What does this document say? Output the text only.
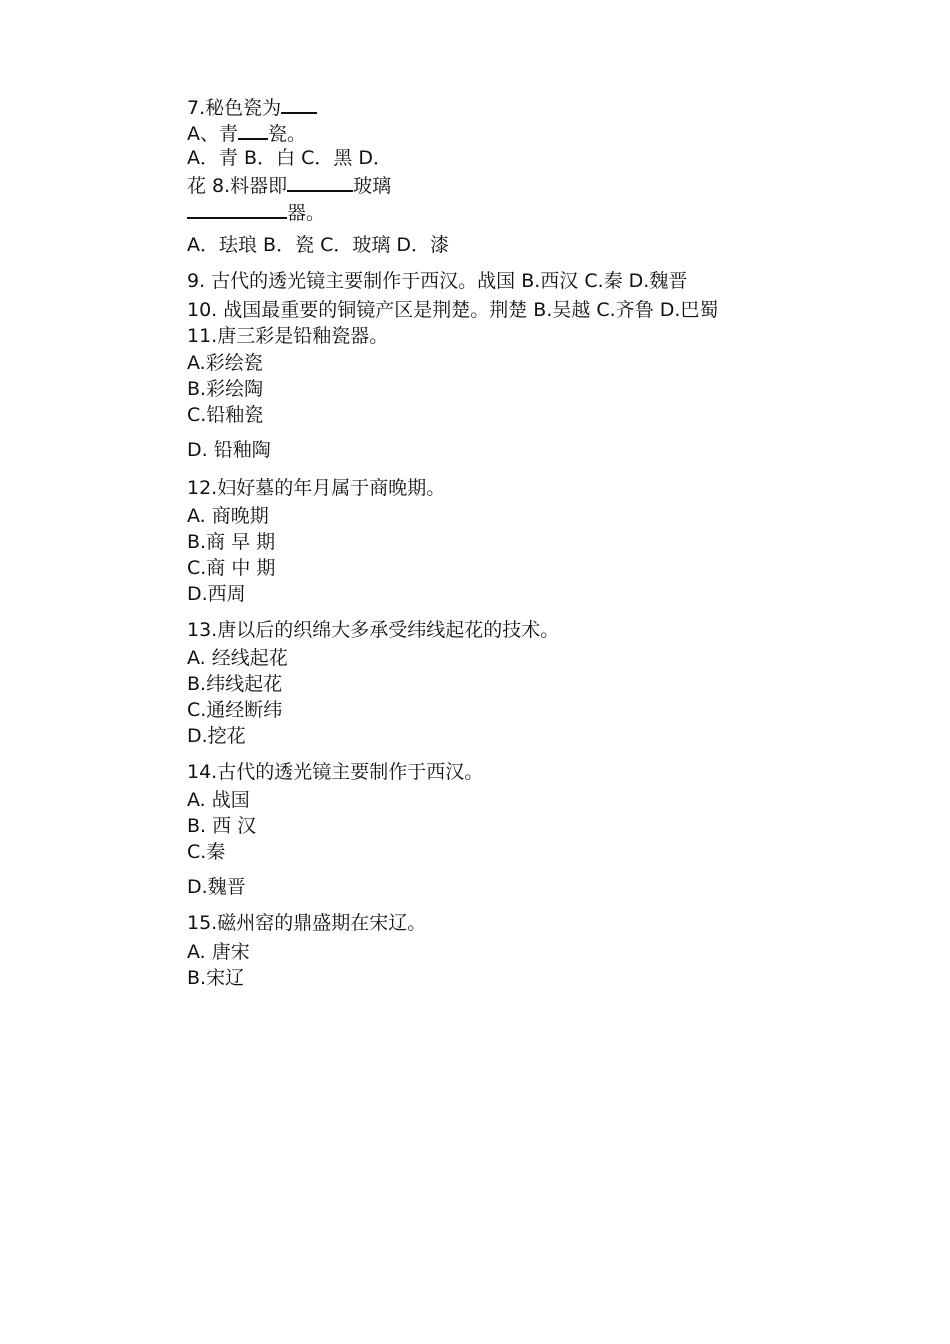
7.秘色瓷为
A、青 瓷。
A．青 B．白 C．黑 D．
花 8.料器即	玻璃
器。
A．珐琅 B．瓷 C．玻璃 D．漆
9. 古代的透光镜主要制作于西汉。战国 B.西汉 C.秦 D.魏晋
10. 战国最重要的铜镜产区是荆楚。荆楚 B.吴越 C.齐鲁 D.巴蜀
11.唐三彩是铅釉瓷器。
A.彩绘瓷
B.彩绘陶
C.铅釉瓷
D. 铅釉陶
12.妇好墓的年月属于商晚期。
A. 商晚期
B.商 早 期
C.商 中 期
D.西周
13.唐以后的织绵大多承受纬线起花的技术。
A. 经线起花
B.纬线起花
C.通经断纬
D.挖花
14.古代的透光镜主要制作于西汉。
A. 战国
B. 西 汉
C.秦
D.魏晋
15.磁州窑的鼎盛期在宋辽。
A. 唐宋
B.宋辽
